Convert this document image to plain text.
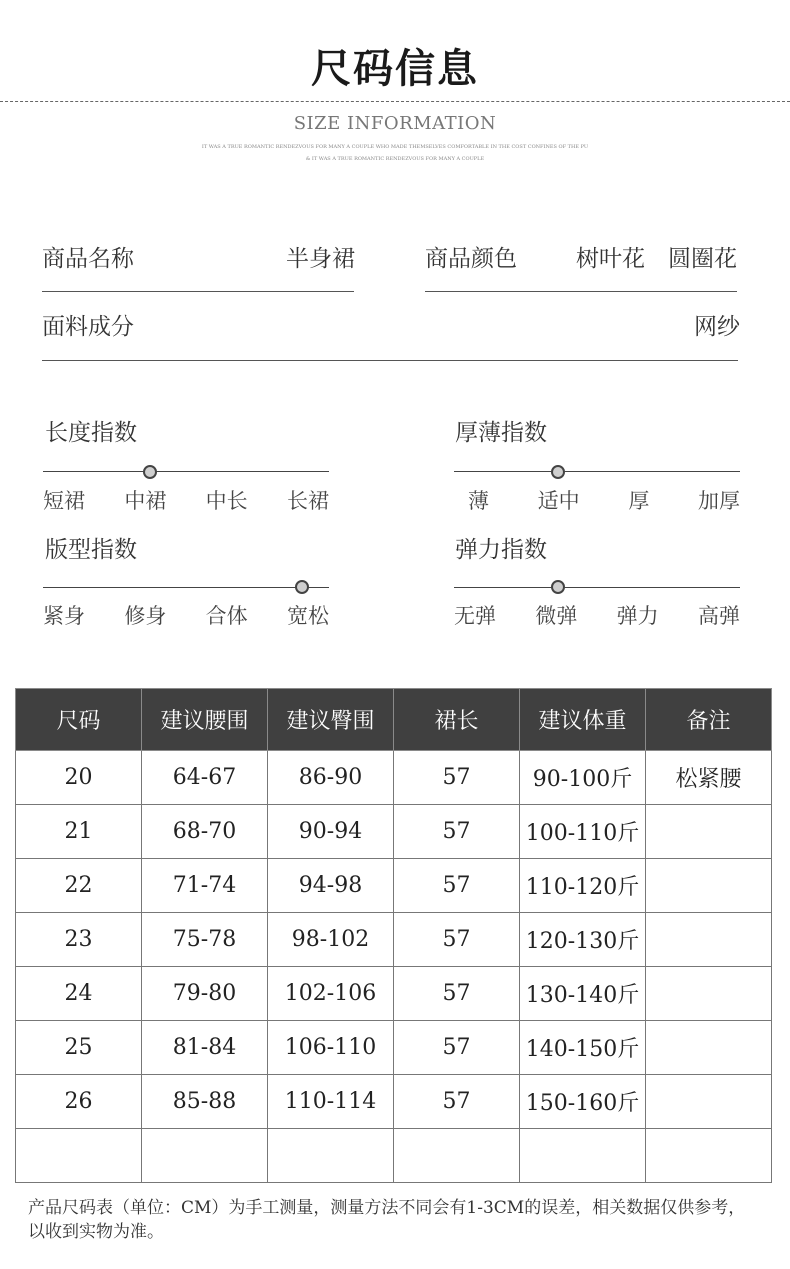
尺码信息
SIZE INFORMATION
IT WAS A TRUE ROMANTIC RENDEZVOUS FOR MANY A COUPLE WHO MADE THEMSELVES COMFORTABLE IN THE COST CONFINES OF THE PU
& IT WAS A TRUE ROMANTIC RENDEZVOUS FOR MANY A COUPLE
商品名称	半身裙	商品颜色	树叶花 圆圈花
面料成分	网纱
长度指数
短裙 中裙 中长 长裙
厚薄指数
薄 适中 厚 加厚
版型指数
紧身 修身 合体 宽松
弹力指数
无弹 微弹 弹力 高弹
尺码	建议腰围	建议臀围	裙长	建议体重	备注
20	64-67	86-90	57	90-100斤	松紧腰
21	68-70	90-94	57	100-110斤	
22	71-74	94-98	57	110-120斤	
23	75-78	98-102	57	120-130斤	
24	79-80	102-106	57	130-140斤	
25	81-84	106-110	57	140-150斤	
26	85-88	110-114	57	150-160斤	

产品尺码表（单位：CM）为手工测量，测量方法不同会有1-3CM的误差，相关数据仅供参考，以收到实物为准。
